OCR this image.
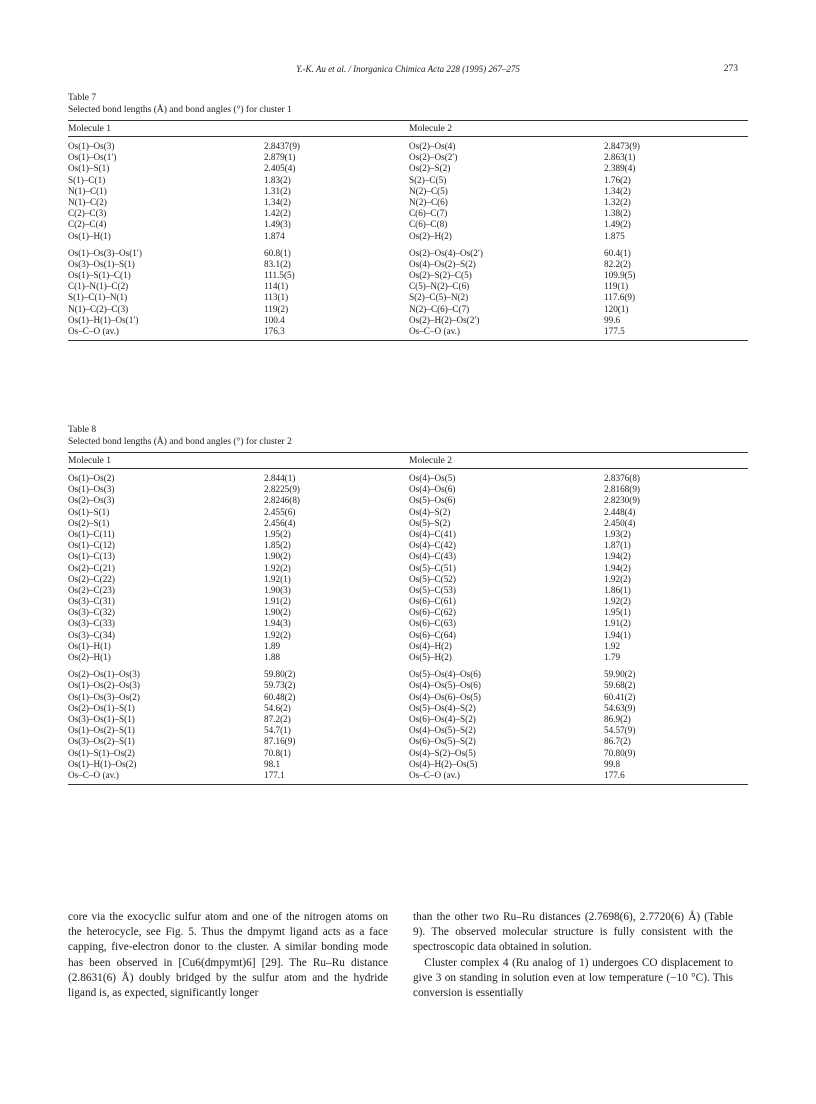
Y.-K. Au et al. / Inorganica Chimica Acta 228 (1995) 267–275	273
Table 7
Selected bond lengths (Å) and bond angles (°) for cluster 1
Molecule 1	Molecule 2
Os(1)–Os(3)	2.8437(9)	Os(2)–Os(4)	2.8473(9)
Os(1)–Os(1′)	2.879(1)	Os(2)–Os(2′)	2.863(1)
Os(1)–S(1)	2.405(4)	Os(2)–S(2)	2.389(4)
S(1)–C(1)	1.83(2)	S(2)–C(5)	1.76(2)
N(1)–C(1)	1.31(2)	N(2)–C(5)	1.34(2)
N(1)–C(2)	1.34(2)	N(2)–C(6)	1.32(2)
C(2)–C(3)	1.42(2)	C(6)–C(7)	1.38(2)
C(2)–C(4)	1.49(3)	C(6)–C(8)	1.49(2)
Os(1)–H(1)	1.874	Os(2)–H(2)	1.875
Os(1)–Os(3)–Os(1′)	60.8(1)	Os(2)–Os(4)–Os(2′)	60.4(1)
Os(3)–Os(1)–S(1)	83.1(2)	Os(4)–Os(2)–S(2)	82.2(2)
Os(1)–S(1)–C(1)	111.5(5)	Os(2)–S(2)–C(5)	109.9(5)
C(1)–N(1)–C(2)	114(1)	C(5)–N(2)–C(6)	119(1)
S(1)–C(1)–N(1)	113(1)	S(2)–C(5)–N(2)	117.6(9)
N(1)–C(2)–C(3)	119(2)	N(2)–C(6)–C(7)	120(1)
Os(1)–H(1)–Os(1′)	100.4	Os(2)–H(2)–Os(2′)	99.6
Os–C–O (av.)	176.3	Os–C–O (av.)	177.5
Table 8
Selected bond lengths (Å) and bond angles (°) for cluster 2
Molecule 1	Molecule 2
Os(1)–Os(2)	2.844(1)	Os(4)–Os(5)	2.8376(8)
Os(1)–Os(3)	2.8225(9)	Os(4)–Os(6)	2.8168(9)
Os(2)–Os(3)	2.8246(8)	Os(5)–Os(6)	2.8230(9)
Os(1)–S(1)	2.455(6)	Os(4)–S(2)	2.448(4)
Os(2)–S(1)	2.456(4)	Os(5)–S(2)	2.450(4)
Os(1)–C(11)	1.95(2)	Os(4)–C(41)	1.93(2)
Os(1)–C(12)	1.85(2)	Os(4)–C(42)	1.87(1)
Os(1)–C(13)	1.90(2)	Os(4)–C(43)	1.94(2)
Os(2)–C(21)	1.92(2)	Os(5)–C(51)	1.94(2)
Os(2)–C(22)	1.92(1)	Os(5)–C(52)	1.92(2)
Os(2)–C(23)	1.90(3)	Os(5)–C(53)	1.86(1)
Os(3)–C(31)	1.91(2)	Os(6)–C(61)	1.92(2)
Os(3)–C(32)	1.90(2)	Os(6)–C(62)	1.95(1)
Os(3)–C(33)	1.94(3)	Os(6)–C(63)	1.91(2)
Os(3)–C(34)	1.92(2)	Os(6)–C(64)	1.94(1)
Os(1)–H(1)	1.89	Os(4)–H(2)	1.92
Os(2)–H(1)	1.88	Os(5)–H(2)	1.79
Os(2)–Os(1)–Os(3)	59.80(2)	Os(5)–Os(4)–Os(6)	59.90(2)
Os(1)–Os(2)–Os(3)	59.73(2)	Os(4)–Os(5)–Os(6)	59.68(2)
Os(1)–Os(3)–Os(2)	60.48(2)	Os(4)–Os(6)–Os(5)	60.41(2)
Os(2)–Os(1)–S(1)	54.6(2)	Os(5)–Os(4)–S(2)	54.63(9)
Os(3)–Os(1)–S(1)	87.2(2)	Os(6)–Os(4)–S(2)	86.9(2)
Os(1)–Os(2)–S(1)	54.7(1)	Os(4)–Os(5)–S(2)	54.57(9)
Os(3)–Os(2)–S(1)	87.16(9)	Os(6)–Os(5)–S(2)	86.7(2)
Os(1)–S(1)–Os(2)	70.8(1)	Os(4)–S(2)–Os(5)	70.80(9)
Os(1)–H(1)–Os(2)	98.1	Os(4)–H(2)–Os(5)	99.8
Os–C–O (av.)	177.1	Os–C–O (av.)	177.6
core via the exocyclic sulfur atom and one of the nitrogen atoms on the heterocycle, see Fig. 5. Thus the dmpymt ligand acts as a face capping, five-electron donor to the cluster. A similar bonding mode has been observed in [Cu6(dmpymt)6] [29]. The Ru–Ru distance (2.8631(6) Å) doubly bridged by the sulfur atom and the hydride ligand is, as expected, significantly longer
than the other two Ru–Ru distances (2.7698(6), 2.7720(6) Å) (Table 9). The observed molecular structure is fully consistent with the spectroscopic data obtained in solution.
 Cluster complex 4 (Ru analog of 1) undergoes CO displacement to give 3 on standing in solution even at low temperature (−10 °C). This conversion is essentially
